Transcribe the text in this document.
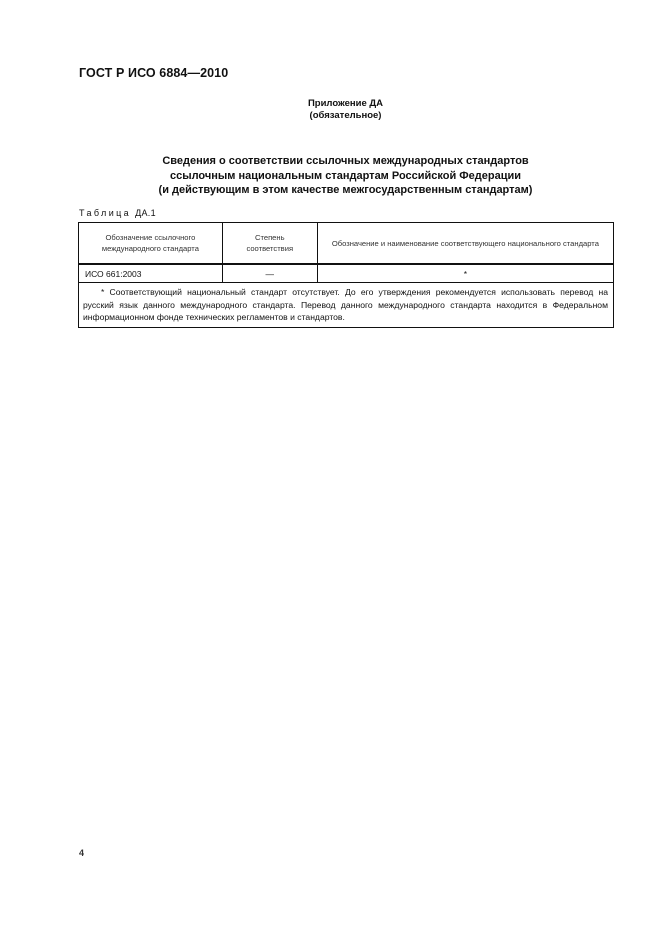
ГОСТ Р ИСО 6884—2010
Приложение ДА
(обязательное)
Сведения о соответствии ссылочных международных стандартов
ссылочным национальным стандартам Российской Федерации
(и действующим в этом качестве межгосударственным стандартам)
Таблица ДА.1
Обозначение ссылочного международного стандарта	Степень соответствия	Обозначение и наименование соответствующего национального стандарта

ИСО 661:2003	—	*
* Соответствующий национальный стандарт отсутствует. До его утверждения рекомендуется использовать перевод на русский язык данного международного стандарта. Перевод данного международного стандарта находится в Федеральном информационном фонде технических регламентов и стандартов.		
4
